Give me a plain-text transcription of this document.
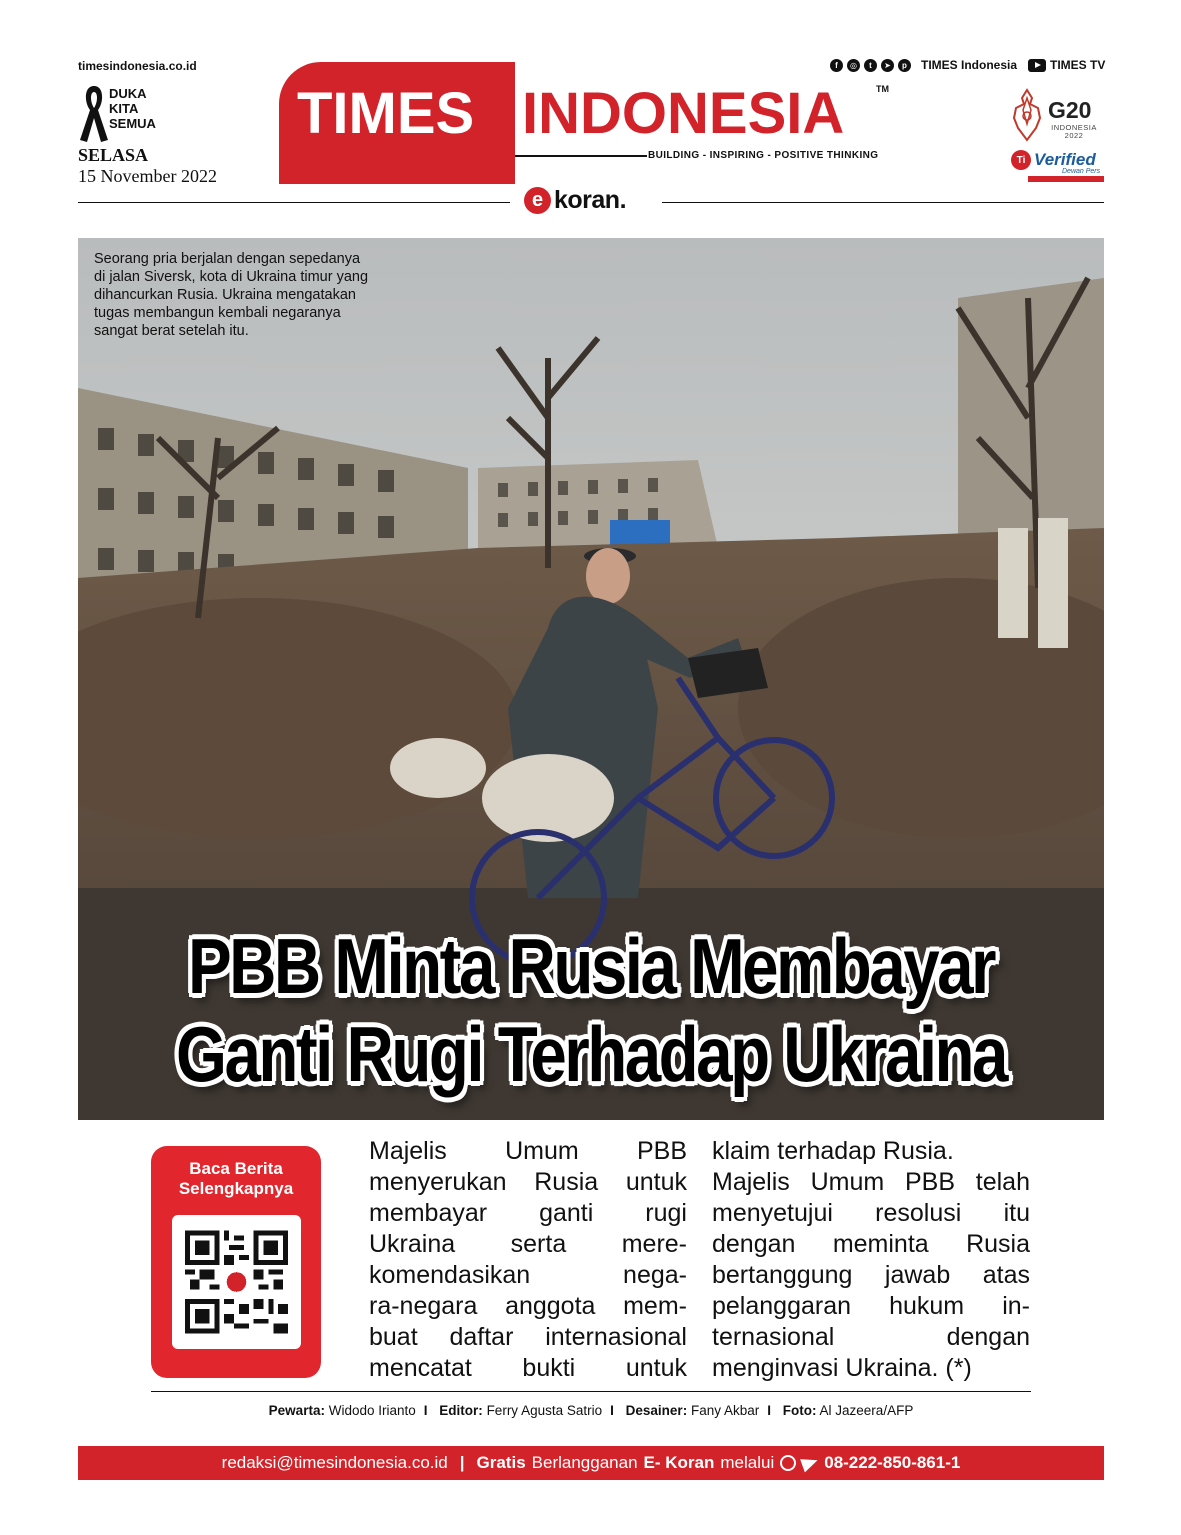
timesindonesia.co.id
DUKA
KITA
SEMUA
SELASA
15 November 2022
TIMES INDONESIA	TM
BUILDING - INSPIRING - POSITIVE THINKING
f	◎	t	➤	p	TIMES Indonesia	TIMES TV
G20
INDONESIA 2022
Ti Verified
Dewan Pers
e koran.
Seorang pria berjalan dengan sepedanya di jalan Siversk, kota di Ukraina timur yang dihancurkan Rusia. Ukraina mengatakan tugas membangun kembali negaranya sangat berat setelah itu.
PBB Minta Rusia Membayar
Ganti Rugi Terhadap Ukraina
Baca Berita Selengkapnya
Majelis Umum PBB
menyerukan Rusia untuk
membayar ganti rugi
Ukraina serta mere-
komendasikan nega-
ra-negara anggota mem-
buat daftar internasional
mencatat bukti untuk
klaim terhadap Rusia.
Majelis Umum PBB telah
menyetujui resolusi itu
dengan meminta Rusia
bertanggung jawab atas
pelanggaran hukum in-
ternasional dengan
menginvasi Ukraina. (*)
Pewarta: Widodo Irianto I Editor: Ferry Agusta Satrio I Desainer: Fany Akbar I Foto: Al Jazeera/AFP
redaksi@timesindonesia.co.id | Gratis Berlangganan E- Koran melalui	08-222-850-861-1
